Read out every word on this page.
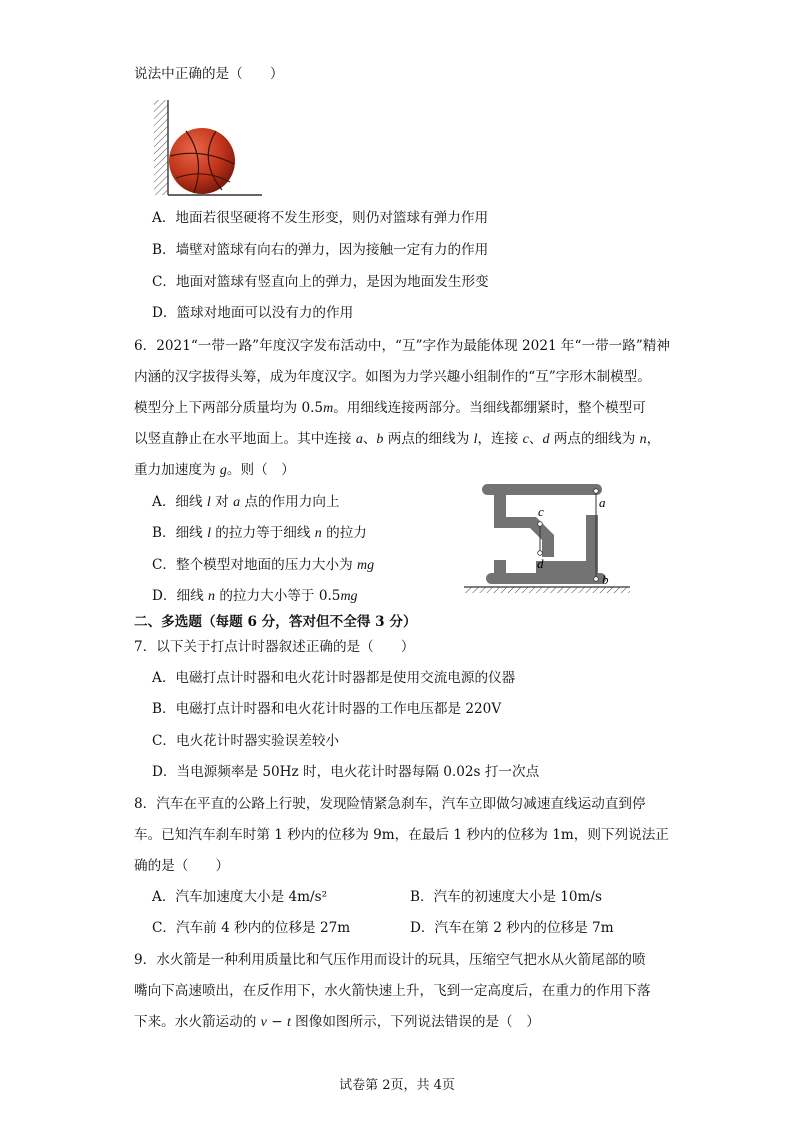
说法中正确的是（　　）
A．地面若很坚硬将不发生形变，则仍对篮球有弹力作用
B．墙壁对篮球有向右的弹力，因为接触一定有力的作用
C．地面对篮球有竖直向上的弹力，是因为地面发生形变
D．篮球对地面可以没有力的作用
6．2021“一带一路”年度汉字发布活动中，“互”字作为最能体现 2021 年“一带一路”精神
内涵的汉字拔得头筹，成为年度汉字。如图为力学兴趣小组制作的“互”字形木制模型。
模型分上下两部分质量均为 0.5m。用细线连接两部分。当细线都绷紧时，整个模型可
以竖直静止在水平地面上。其中连接 a、b 两点的细线为 l，连接 c、d 两点的细线为 n，
重力加速度为 g。则（　）
A．细线 l 对 a 点的作用力向上
B．细线 l 的拉力等于细线 n 的拉力
C．整个模型对地面的压力大小为 mg
D．细线 n 的拉力大小等于 0.5mg
a
b
c
d
二、多选题（每题 6 分，答对但不全得 3 分）
7．以下关于打点计时器叙述正确的是（　　）
A．电磁打点计时器和电火花计时器都是使用交流电源的仪器
B．电磁打点计时器和电火花计时器的工作电压都是 220V
C．电火花计时器实验误差较小
D．当电源频率是 50Hz 时，电火花计时器每隔 0.02s 打一次点
8．汽车在平直的公路上行驶，发现险情紧急刹车，汽车立即做匀减速直线运动直到停
车。已知汽车刹车时第 1 秒内的位移为 9m，在最后 1 秒内的位移为 1m，则下列说法正
确的是（　　）
A．汽车加速度大小是 4m/s²	B．汽车的初速度大小是 10m/s
C．汽车前 4 秒内的位移是 27m	D．汽车在第 2 秒内的位移是 7m
9．水火箭是一种利用质量比和气压作用而设计的玩具，压缩空气把水从火箭尾部的喷
嘴向下高速喷出，在反作用下，水火箭快速上升，飞到一定高度后，在重力的作用下落
下来。水火箭运动的 v − t 图像如图所示，下列说法错误的是（　）
试卷第 2页，共 4页
